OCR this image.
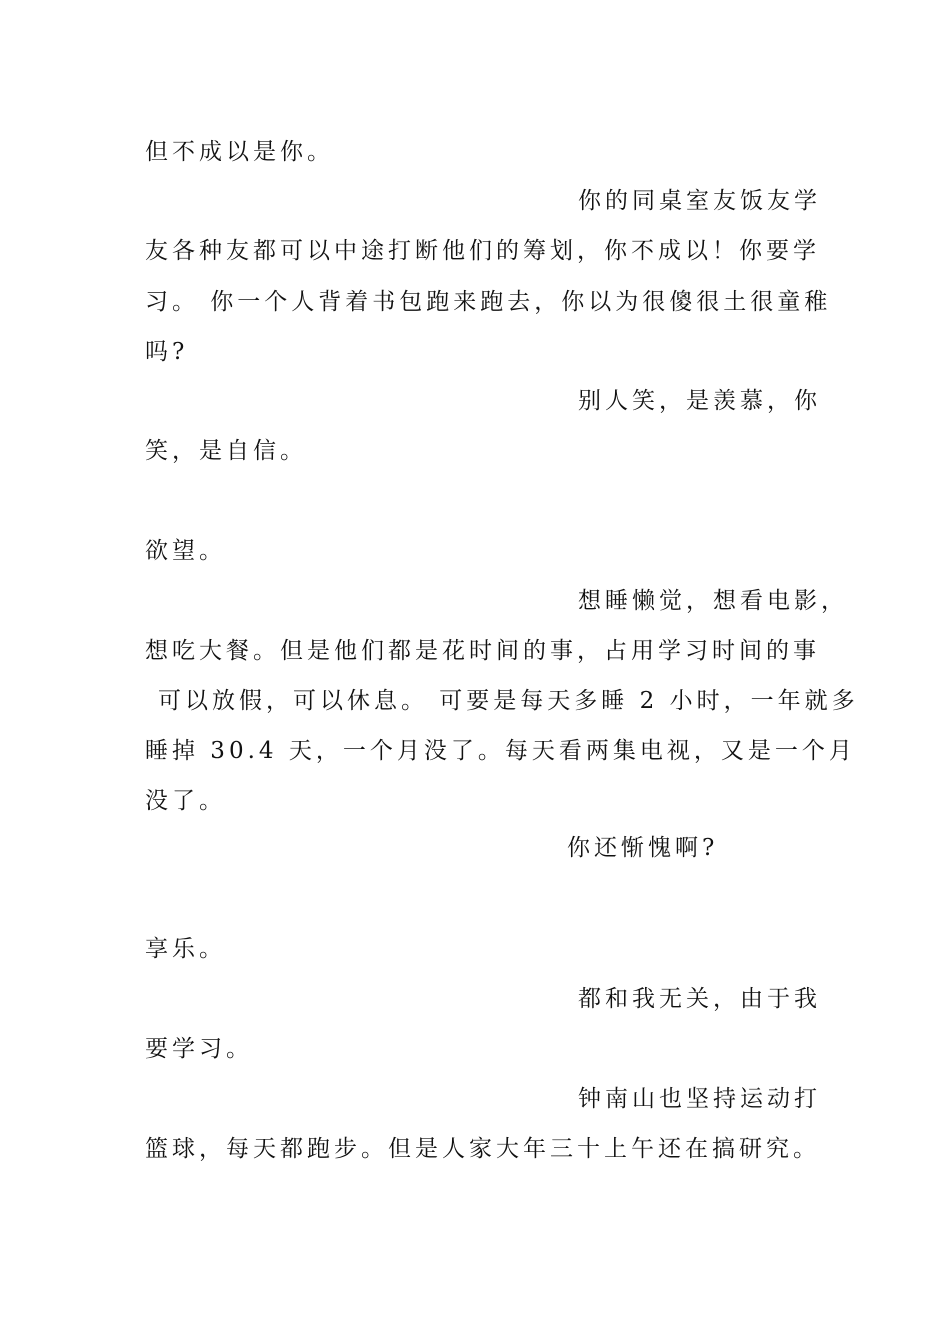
但不成以是你。
你的同桌室友饭友学
友各种友都可以中途打断他们的筹划，你不成以！你要学
习。 你一个人背着书包跑来跑去，你以为很傻很土很童稚
吗?
别人笑，是羡慕，你
笑，是自信。
欲望。
想睡懒觉，想看电影，
想吃大餐。但是他们都是花时间的事，占用学习时间的事
可以放假，可以休息。 可要是每天多睡 2 小时，一年就多
睡掉 30.4 天，一个月没了。每天看两集电视，又是一个月
没了。
你还惭愧啊?
享乐。
都和我无关，由于我
要学习。
钟南山也坚持运动打
篮球，每天都跑步。但是人家大年三十上午还在搞研究。
